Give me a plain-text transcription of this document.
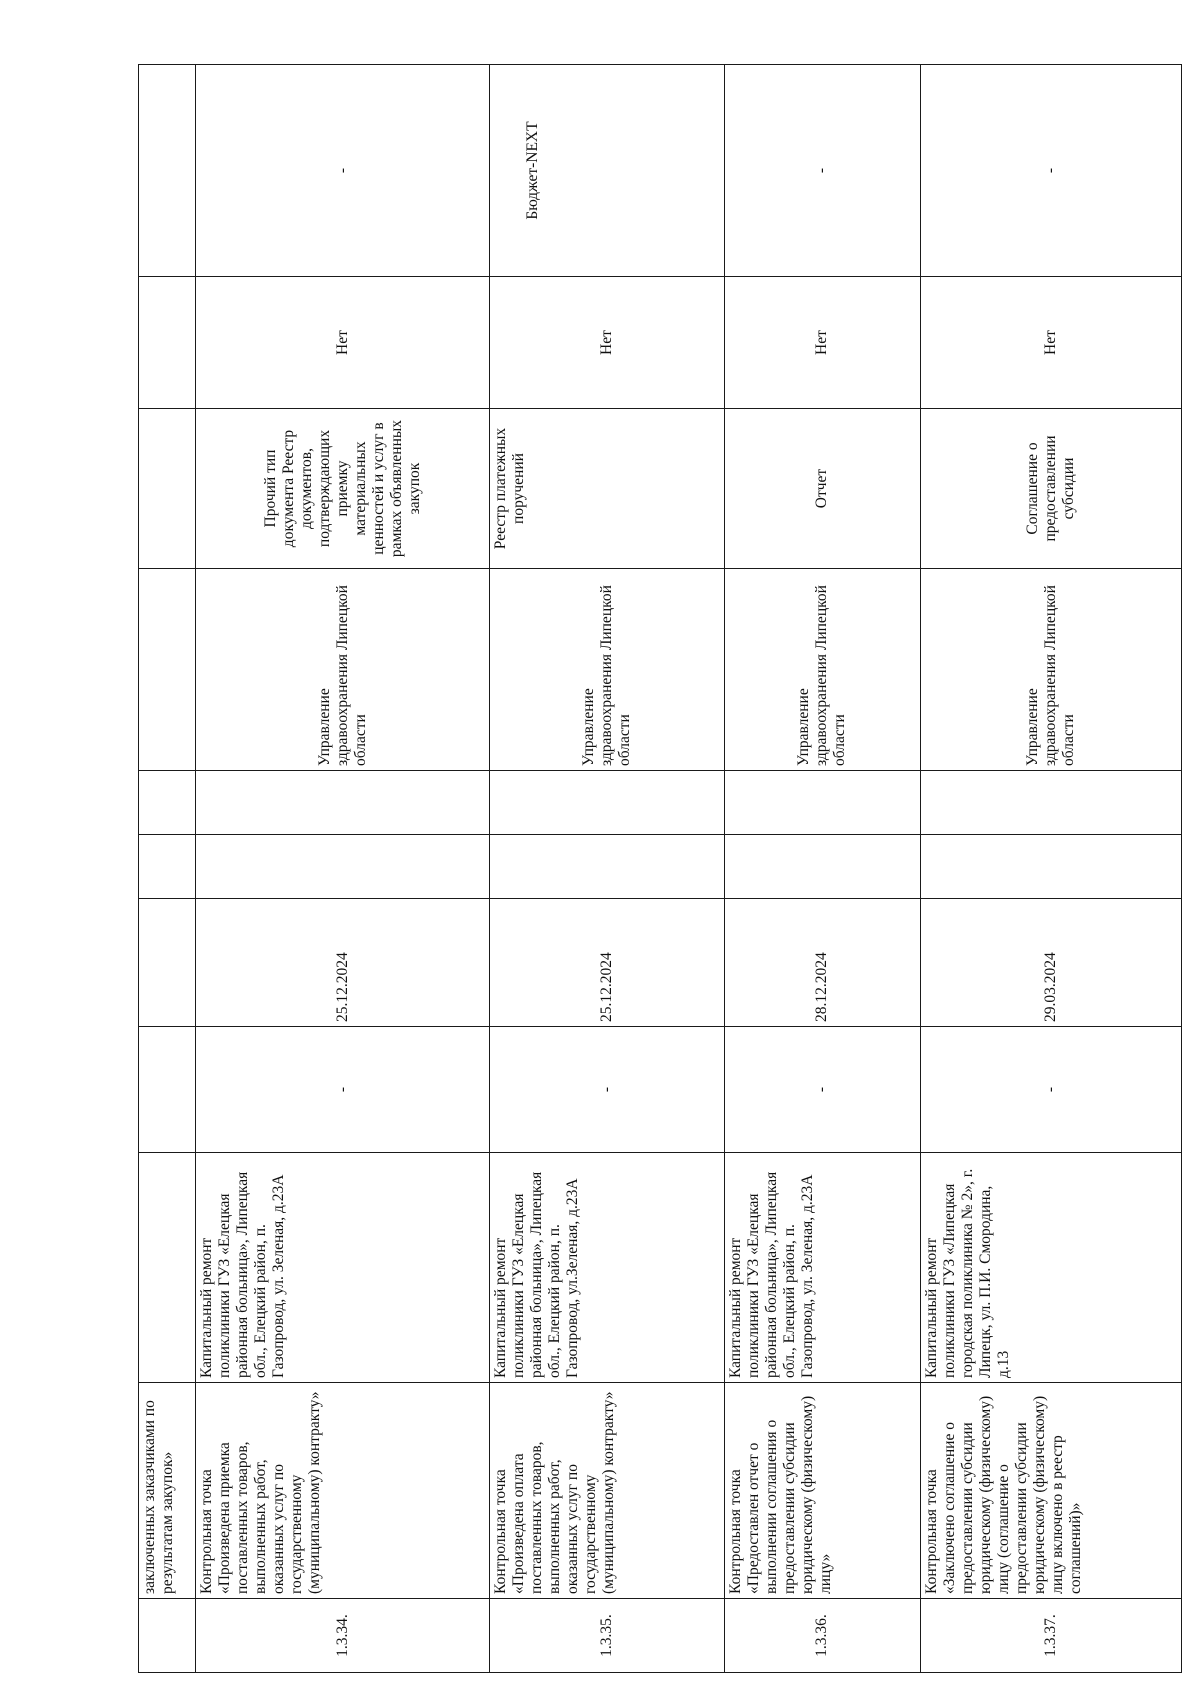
	заключенных заказчиками по результатам закупок»									
1.3.34.	Контрольная точка «Произведена приемка поставленных товаров, выполненных работ, оказанных услуг по государственному (муниципальному) контракту»	Капитальный ремонт поликлиники ГУЗ «Елецкая районная больница», Липецкая обл., Елецкий район, п. Газопровод, ул. Зеленая, д.23А	-	25.12.2024			Управление здравоохранения Липецкой области	Прочий тип документа Реестр документов, подтверждающих приемку материальных ценностей и услуг в рамках объявленных закупок	Нет	-
1.3.35.	Контрольная точка «Произведена оплата поставленных товаров, выполненных работ, оказанных услуг по государственному (муниципальному) контракту»	Капитальный ремонт поликлиники ГУЗ «Елецкая районная больница», Липецкая обл., Елецкий район, п. Газопровод, ул.Зеленая, д.23А	-	25.12.2024			Управление здравоохранения Липецкой области	Реестр платежных поручений	Нет	Бюджет-NEXT
1.3.36.	Контрольная точка «Предоставлен отчет о выполнении соглашения о предоставлении субсидии юридическому (физическому) лицу»	Капитальный ремонт поликлиники ГУЗ «Елецкая районная больница», Липецкая обл., Елецкий район, п. Газопровод, ул. Зеленая, д.23А	-	28.12.2024			Управление здравоохранения Липецкой области	Отчет	Нет	-
1.3.37.	Контрольная точка «Заключено соглашение о предоставлении субсидии юридическому (физическому) лицу (соглашение о предоставлении субсидии юридическому (физическому) лицу включено в реестр соглашений)»	Капитальный ремонт поликлиники ГУЗ «Липецкая городская поликлиника № 2», г. Липецк, ул. П.И. Смородина, д.13	-	29.03.2024			Управление здравоохранения Липецкой области	Соглашение о предоставлении субсидии	Нет	-
